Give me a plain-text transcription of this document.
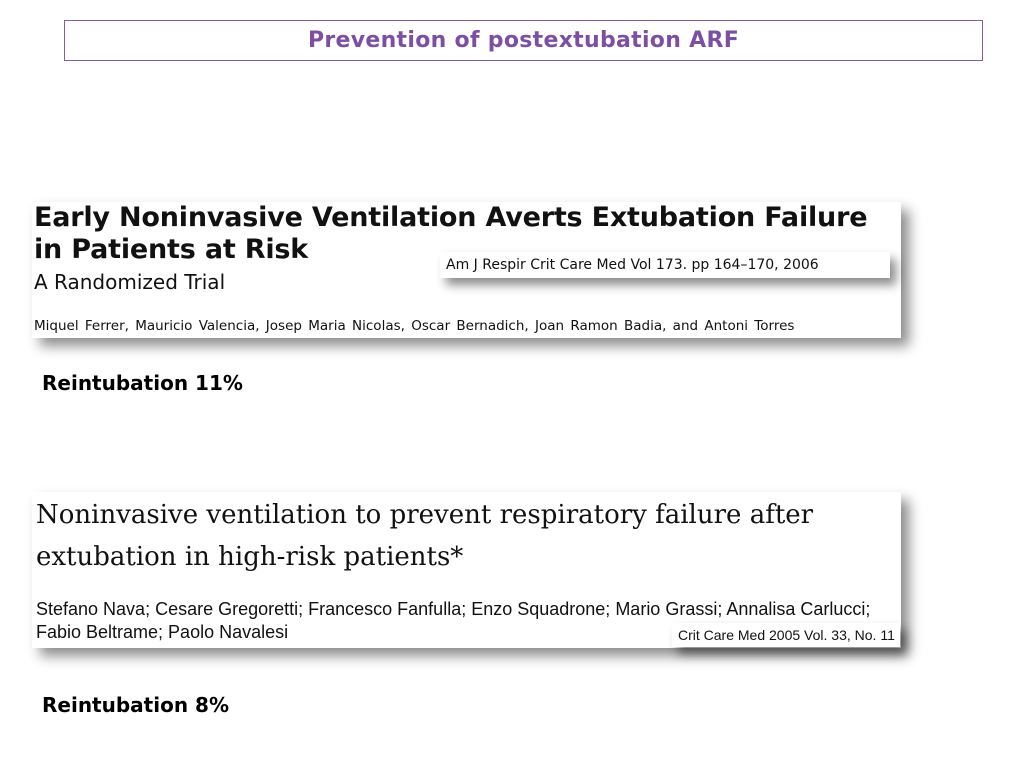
Prevention of postextubation ARF
Early Noninvasive Ventilation Averts Extubation Failure
in Patients at Risk
A Randomized Trial
Miquel Ferrer, Mauricio Valencia, Josep Maria Nicolas, Oscar Bernadich, Joan Ramon Badia, and Antoni Torres
Am J Respir Crit Care Med Vol 173. pp 164–170, 2006
Reintubation 11%
Noninvasive ventilation to prevent respiratory failure after
extubation in high-risk patients*
Stefano Nava; Cesare Gregoretti; Francesco Fanfulla; Enzo Squadrone; Mario Grassi; Annalisa Carlucci;
Fabio Beltrame; Paolo Navalesi	Crit Care Med 2005 Vol. 33, No. 11
Reintubation 8%
